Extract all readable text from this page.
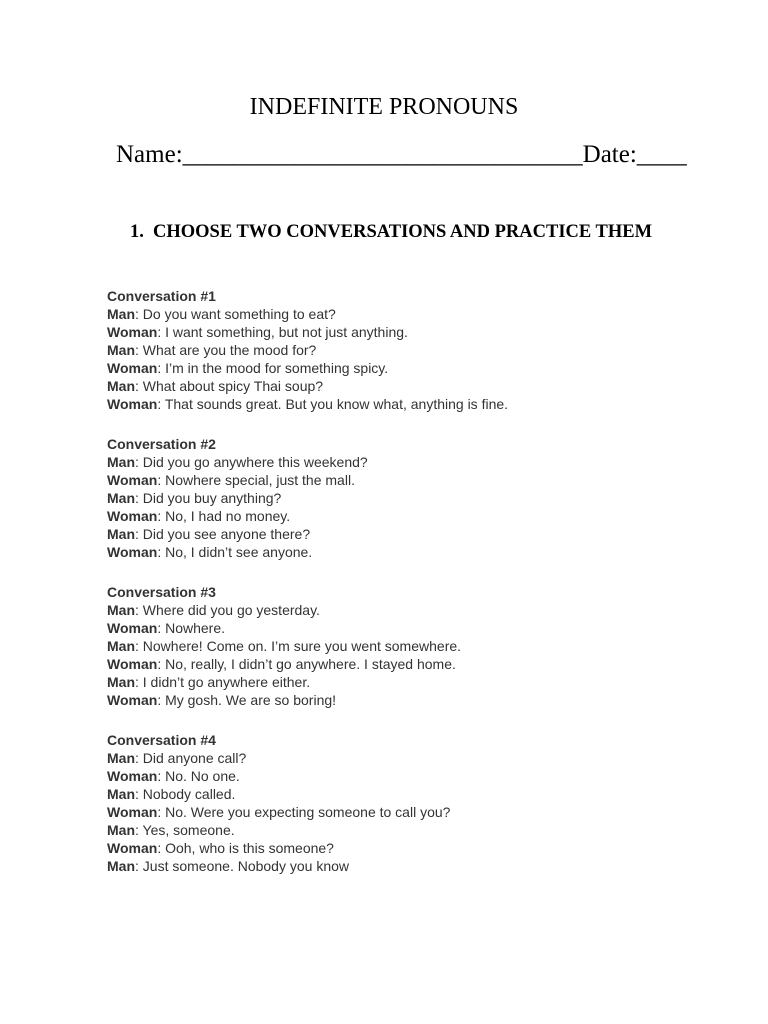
INDEFINITE PRONOUNS
Name:________________________________Date:____
1. CHOOSE TWO CONVERSATIONS AND PRACTICE THEM
Conversation #1
Man: Do you want something to eat?
Woman: I want something, but not just anything.
Man: What are you the mood for?
Woman: I’m in the mood for something spicy.
Man: What about spicy Thai soup?
Woman: That sounds great. But you know what, anything is fine.
Conversation #2
Man: Did you go anywhere this weekend?
Woman: Nowhere special, just the mall.
Man: Did you buy anything?
Woman: No, I had no money.
Man: Did you see anyone there?
Woman: No, I didn’t see anyone.
Conversation #3
Man: Where did you go yesterday.
Woman: Nowhere.
Man: Nowhere! Come on. I’m sure you went somewhere.
Woman: No, really, I didn’t go anywhere. I stayed home.
Man: I didn’t go anywhere either.
Woman: My gosh. We are so boring!
Conversation #4
Man: Did anyone call?
Woman: No. No one.
Man: Nobody called.
Woman: No. Were you expecting someone to call you?
Man: Yes, someone.
Woman: Ooh, who is this someone?
Man: Just someone. Nobody you know
